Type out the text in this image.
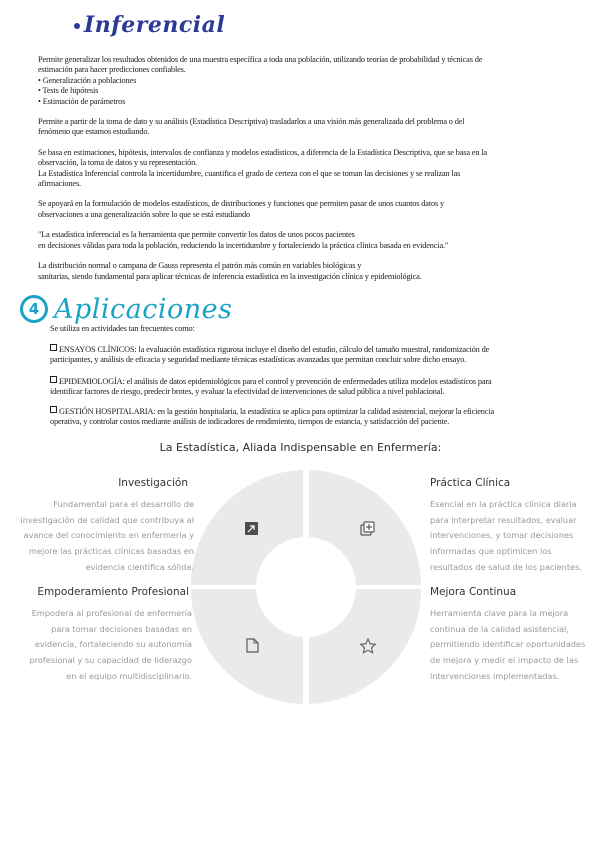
Inferencial
Permite generalizar los resultados obtenidos de una muestra específica a toda una población, utilizando teorías de probabilidad y técnicas de
estimación para hacer predicciones confiables.
• Generalización a poblaciones
• Tests de hipótesis
• Estimación de parámetros
Permite a partir de la toma de dato y su análisis (Estadística Descriptiva) trasladarlos a una visión más generalizada del problema o del
fenómeno que estamos estudiando.
Se basa en estimaciones, hipótesis, intervalos de confianza y modelos estadísticos, a diferencia de la Estadística Descriptiva, que se basa en la
observación, la toma de datos y su representación.
La Estadística Inferencial controla la incertidumbre, cuantifica el grado de certeza con el que se toman las decisiones y se realizan las
afirmaciones.
Se apoyará en la formulación de modelos estadísticos, de distribuciones y funciones que permiten pasar de unos cuantos datos y
observaciones a una generalización sobre lo que se está estudiando
"La estadística inferencial es la herramienta que permite convertir los datos de unos pocos pacientes
en decisiones válidas para toda la población, reduciendo la incertidumbre y fortaleciendo la práctica clínica basada en evidencia."
La distribución normal o campana de Gauss representa el patrón más común en variables biológicas y
sanitarias, siendo fundamental para aplicar técnicas de inferencia estadística en la investigación clínica y epidemiológica.
4 Aplicaciones
Se utiliza en actividades tan frecuentes como:
ENSAYOS CLÍNICOS: la evaluación estadística rigurosa incluye el diseño del estudio, cálculo del tamaño muestral, randomización de
participantes, y análisis de eficacia y seguridad mediante técnicas estadísticas avanzadas que permitan concluir sobre dicho ensayo.
EPIDEMIOLOGÍA: el análisis de datos epidemiológicos para el control y prevención de enfermedades utiliza modelos estadísticos para
identificar factores de riesgo, predecir brotes, y evaluar la efectividad de intervenciones de salud pública a nivel poblacional.
GESTIÓN HOSPITALARIA: en la gestión hospitalaria, la estadística se aplica para optimizar la calidad asistencial, mejorar la eficiencia
operativa, y controlar costos mediante análisis de indicadores de rendimiento, tiempos de estancia, y satisfacción del paciente.
La Estadística, Aliada Indispensable en Enfermería:
Investigación
Fundamental para el desarrollo de
investigación de calidad que contribuya al
avance del conocimiento en enfermería y
mejore las prácticas clínicas basadas en
evidencia científica sólida.
Práctica Clínica
Esencial en la práctica clínica diaria
para interpretar resultados, evaluar
intervenciones, y tomar decisiones
informadas que optimicen los
resultados de salud de los pacientes.
Empoderamiento Profesional
Empodera al profesional de enfermería
para tomar decisiones basadas en
evidencia, fortaleciendo su autonomía
profesional y su capacidad de liderazgo
en el equipo multidisciplinario.
Mejora Continua
Herramienta clave para la mejora
continua de la calidad asistencial,
permitiendo identificar oportunidades
de mejora y medir el impacto de las
intervenciones implementadas.
